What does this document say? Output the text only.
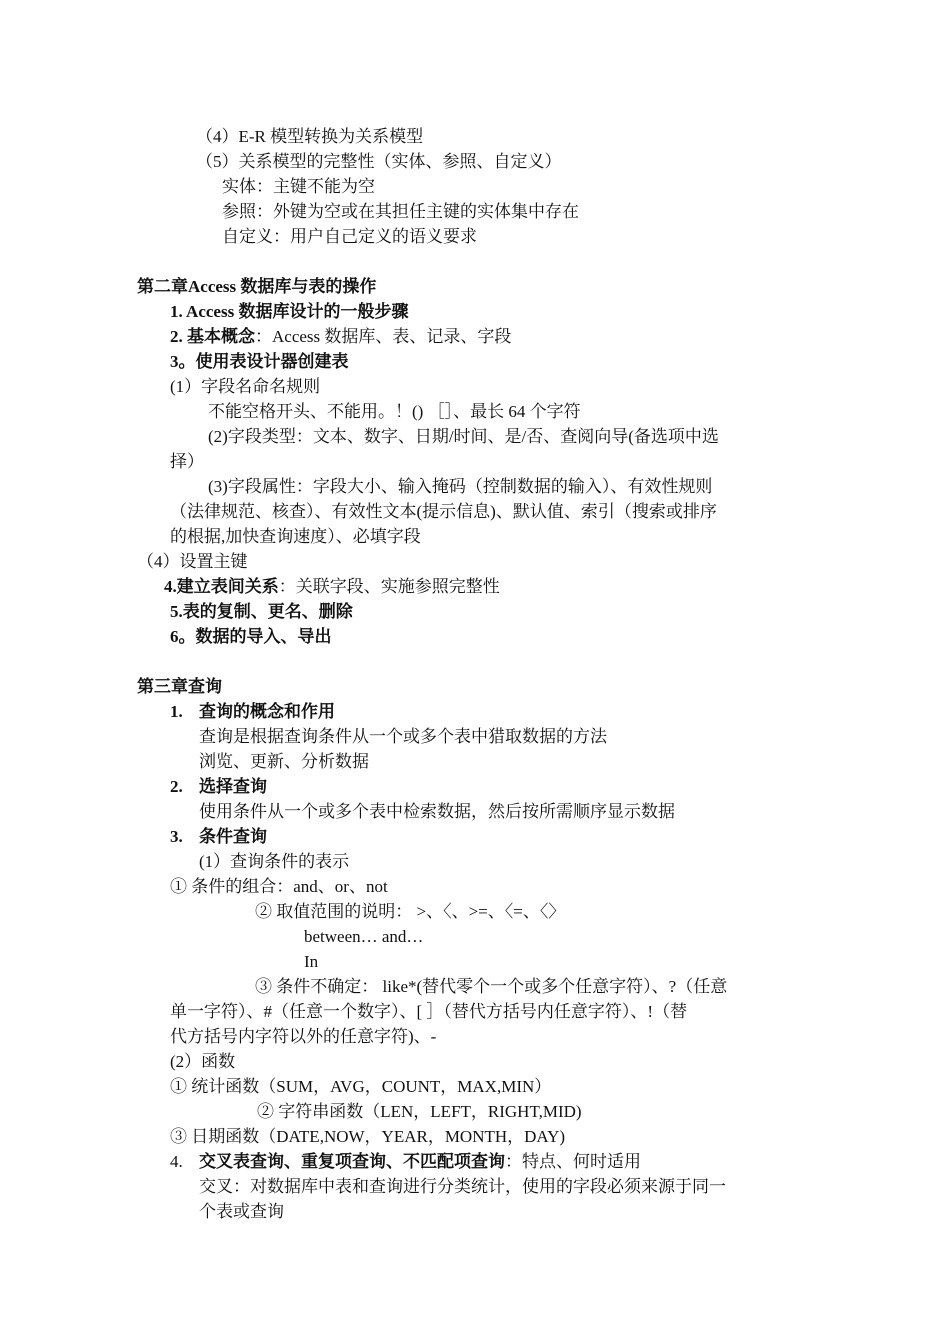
（4）E-R 模型转换为关系模型
（5）关系模型的完整性（实体、参照、自定义）
实体：主键不能为空
参照：外键为空或在其担任主键的实体集中存在
自定义：用户自己定义的语义要求
第二章Access 数据库与表的操作
1. Access 数据库设计的一般步骤
2. 基本概念：Access 数据库、表、记录、字段
3。使用表设计器创建表
(1）字段名命名规则
不能空格开头、不能用。！() ［］、最长 64 个字符
(2)字段类型：文本、数字、日期/时间、是/否、查阅向导(备选项中选
择）
(3)字段属性：字段大小、输入掩码（控制数据的输入）、有效性规则
（法律规范、核查）、有效性文本(提示信息)、默认值、索引（搜索或排序
的根据,加快查询速度）、必填字段
（4）设置主键
4.建立表间关系：关联字段、实施参照完整性
5.表的复制、更名、删除
6。数据的导入、导出
第三章查询
1. 查询的概念和作用
查询是根据查询条件从一个或多个表中猎取数据的方法
浏览、更新、分析数据
2. 选择查询
使用条件从一个或多个表中检索数据，然后按所需顺序显示数据
3. 条件查询
(1）查询条件的表示
① 条件的组合：and、or、not
② 取值范围的说明： >、〈、>=、〈=、〈〉
between… and…
In
③ 条件不确定： like*(替代零个一个或多个任意字符）、?（任意
单一字符）、#（任意一个数字）、[ ］（替代方括号内任意字符）、!（替
代方括号内字符以外的任意字符)、-
(2）函数
① 统计函数（SUM，AVG，COUNT，MAX,MIN）
② 字符串函数（LEN，LEFT，RIGHT,MID)
③ 日期函数（DATE,NOW，YEAR，MONTH，DAY)
4. 交叉表查询、重复项查询、不匹配项查询：特点、何时适用
交叉：对数据库中表和查询进行分类统计，使用的字段必须来源于同一
个表或查询
